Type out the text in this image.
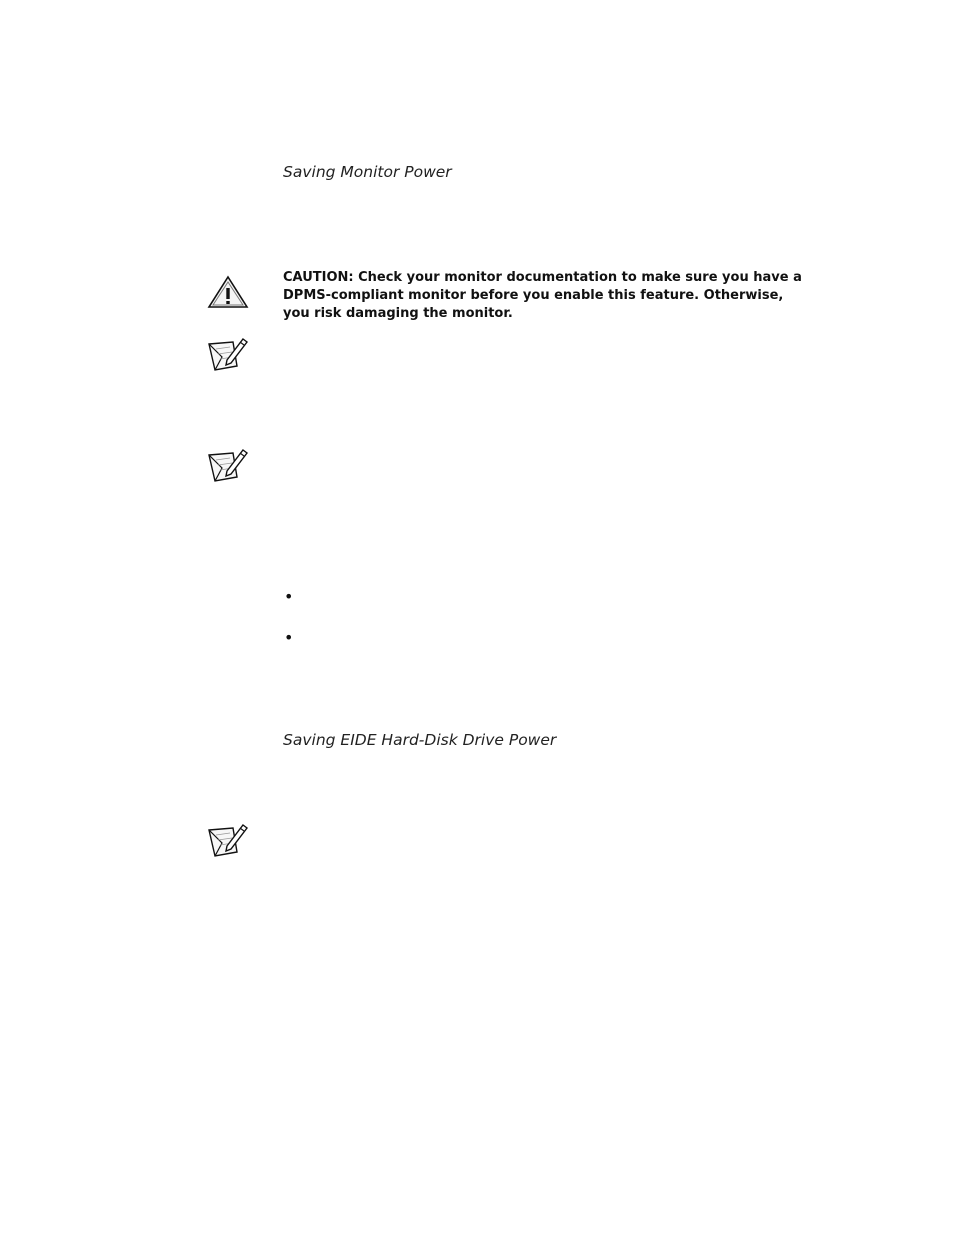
Saving Monitor Power

CAUTION: Check your monitor documentation to make sure you have a DPMS-compliant monitor before you enable this feature. Otherwise, you risk damaging the monitor.

•
•
Saving EIDE Hard-Disk Drive Power
